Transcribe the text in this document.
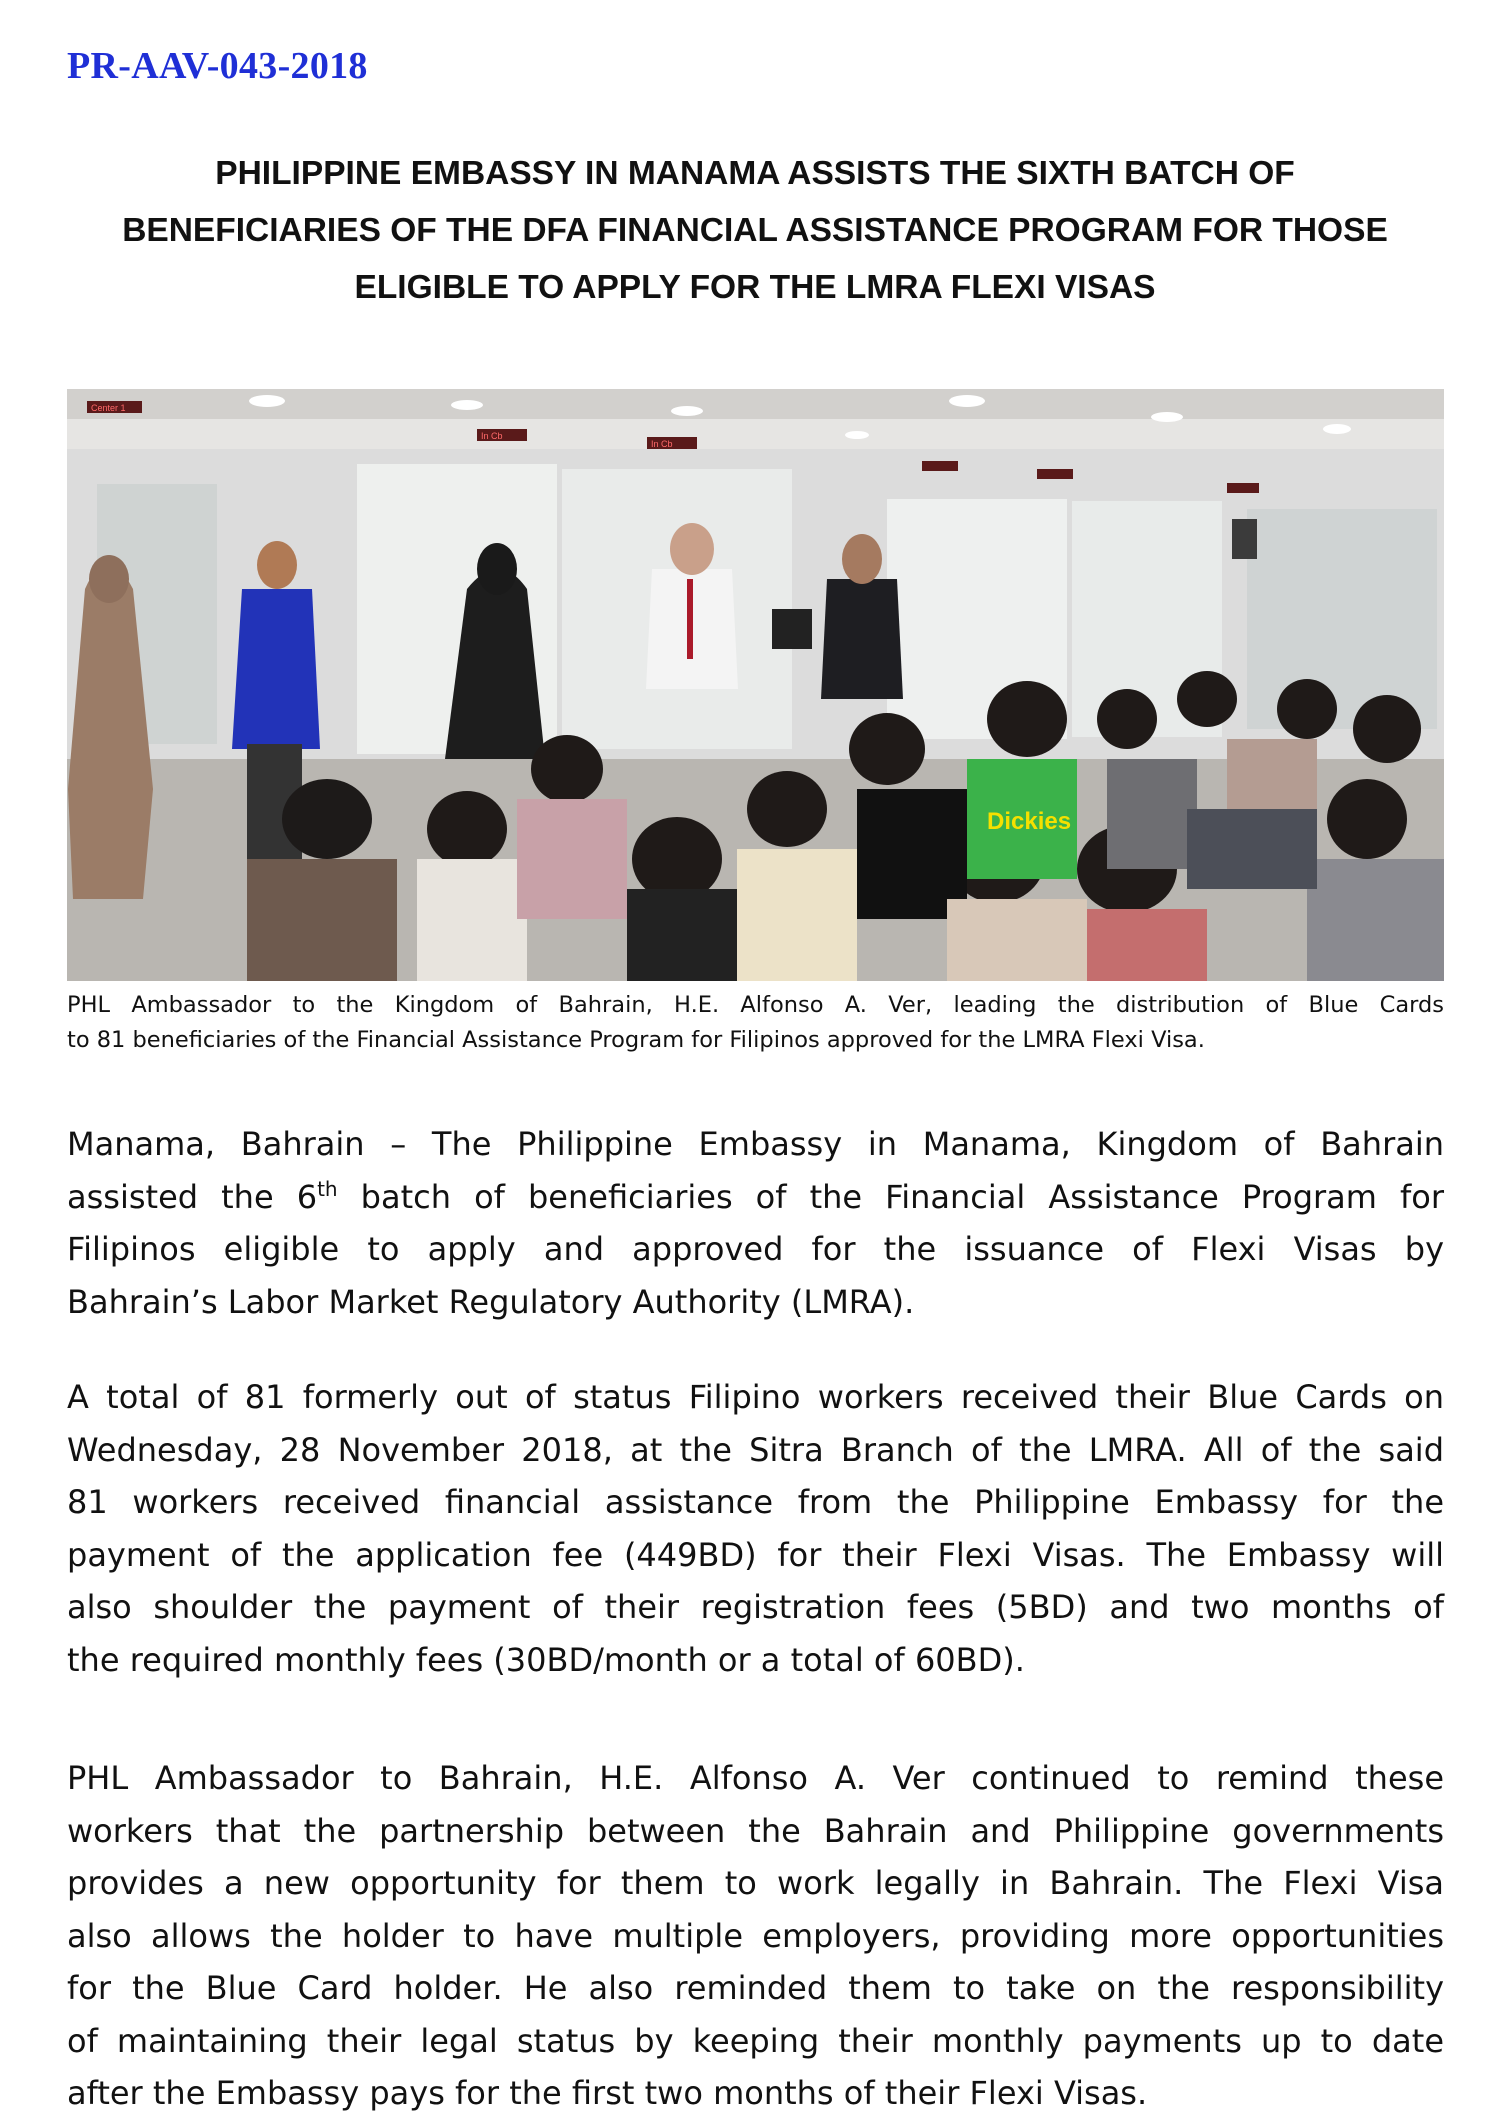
PR-AAV-043-2018
PHILIPPINE EMBASSY IN MANAMA ASSISTS THE SIXTH BATCH OF
BENEFICIARIES OF THE DFA FINANCIAL ASSISTANCE PROGRAM FOR THOSE
ELIGIBLE TO APPLY FOR THE LMRA FLEXI VISAS
Center 1
In Cb
In Cb
Dickies
PHL Ambassador to the Kingdom of Bahrain, H.E. Alfonso A. Ver, leading the distribution of Blue Cards
to 81 beneficiaries of the Financial Assistance Program for Filipinos approved for the LMRA Flexi Visa.
Manama, Bahrain – The Philippine Embassy in Manama, Kingdom of Bahrain
assisted the 6th batch of beneficiaries of the Financial Assistance Program for
Filipinos eligible to apply and approved for the issuance of Flexi Visas by
Bahrain’s Labor Market Regulatory Authority (LMRA).
A total of 81 formerly out of status Filipino workers received their Blue Cards on
Wednesday, 28 November 2018, at the Sitra Branch of the LMRA. All of the said
81 workers received financial assistance from the Philippine Embassy for the
payment of the application fee (449BD) for their Flexi Visas. The Embassy will
also shoulder the payment of their registration fees (5BD) and two months of
the required monthly fees (30BD/month or a total of 60BD).
PHL Ambassador to Bahrain, H.E. Alfonso A. Ver continued to remind these
workers that the partnership between the Bahrain and Philippine governments
provides a new opportunity for them to work legally in Bahrain. The Flexi Visa
also allows the holder to have multiple employers, providing more opportunities
for the Blue Card holder. He also reminded them to take on the responsibility
of maintaining their legal status by keeping their monthly payments up to date
after the Embassy pays for the first two months of their Flexi Visas.
